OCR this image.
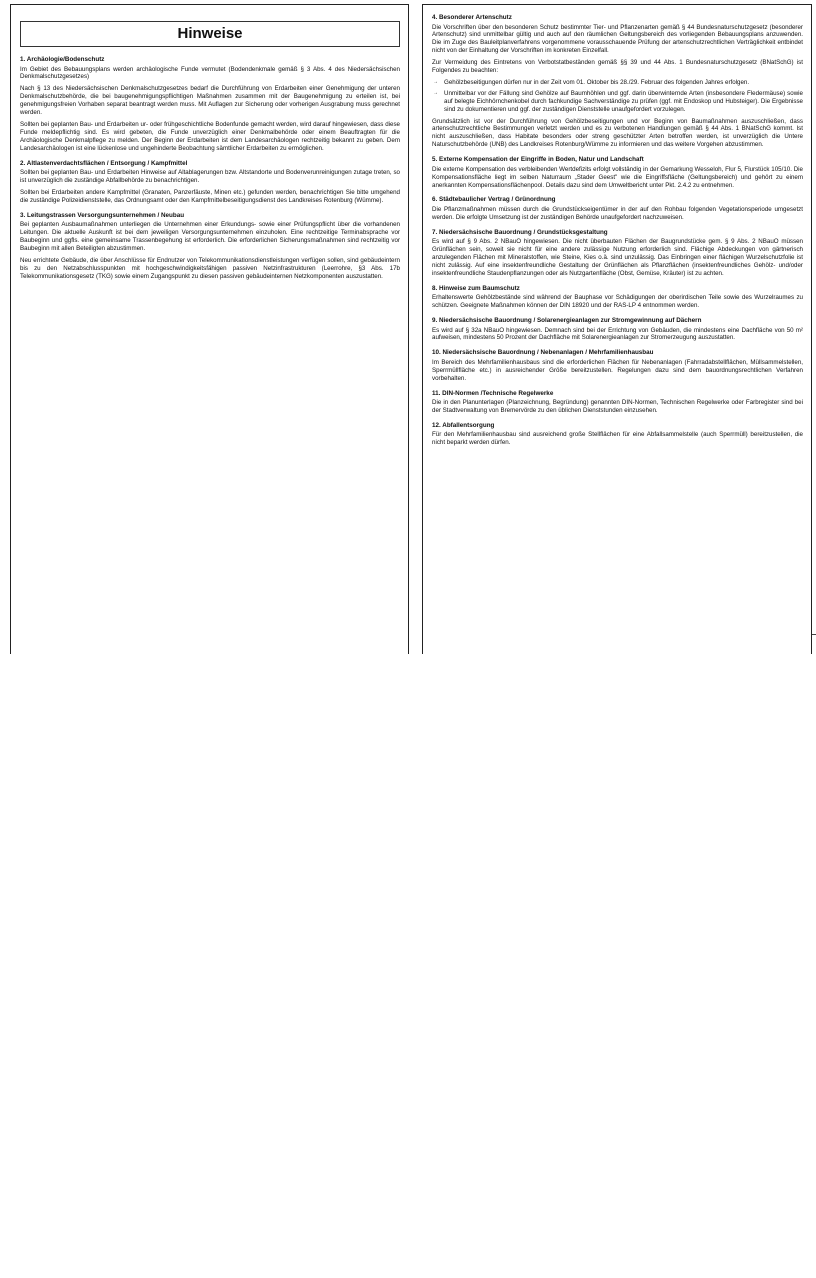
Hinweise
1. Archäologie/Bodenschutz

Im Gebiet des Bebauungsplans werden archäologische Funde vermutet (Bodendenkmale gemäß § 3 Abs. 4 des Niedersächsischen Denkmalschutzgesetzes)

Nach § 13 des Niedersächsischen Denkmalschutzgesetzes bedarf die Durchführung von Erdarbeiten einer Genehmigung der unteren Denkmalschutzbehörde, die bei baugenehmigungspflichtigen Maßnahmen zusammen mit der Baugenehmigung zu erteilen ist, bei genehmigungsfreien Vorhaben separat beantragt werden muss. Mit Auflagen zur Sicherung oder vorherigen Ausgrabung muss gerechnet werden.

Sollten bei geplanten Bau- und Erdarbeiten ur- oder frühgeschichtliche Bodenfunde gemacht werden, wird darauf hingewiesen, dass diese Funde meldepflichtig sind. Es wird gebeten, die Funde unverzüglich einer Denkmalbehörde oder einem Beauftragten für die Archäologische Denkmalpflege zu melden. Der Beginn der Erdarbeiten ist dem Landesarchäologen rechtzeitig bekannt zu geben. Dem Landesarchäologen ist eine lückenlose und ungehinderte Beobachtung sämtlicher Erdarbeiten zu ermöglichen.

2. Altlastenverdachtsflächen / Entsorgung / Kampfmittel

Sollten bei geplanten Bau- und Erdarbeiten Hinweise auf Altablagerungen bzw. Altstandorte und Bodenverunreinigungen zutage treten, so ist unverzüglich die zuständige Abfallbehörde zu benachrichtigen.

Sollten bei Erdarbeiten andere Kampfmittel (Granaten, Panzerfäuste, Minen etc.) gefunden werden, benachrichtigen Sie bitte umgehend die zuständige Polizeidienststelle, das Ordnungsamt oder den Kampfmittelbeseitigungsdienst des Landkreises Rotenburg (Wümme).

3. Leitungstrassen Versorgungsunternehmen / Neubau

Bei geplanten Ausbaumaßnahmen unterliegen die Unternehmen einer Erkundungs- sowie einer Prüfungspflicht über die vorhandenen Leitungen. Die aktuelle Auskunft ist bei dem jeweiligen Versorgungsunternehmen einzuholen. Eine rechtzeitige Terminabsprache vor Baubeginn und ggfls. eine gemeinsame Trassenbegehung ist erforderlich. Die erforderlichen Sicherungsmaßnahmen sind rechtzeitig vor Baubeginn mit allen Beteiligten abzustimmen.

Neu errichtete Gebäude, die über Anschlüsse für Endnutzer von Telekommunikationsdienstleistungen verfügen sollen, sind gebäudeintern bis zu den Netzabschlusspunkten mit hochgeschwindigkeitsfähigen passiven Netzinfrastrukturen (Leerrohre, §3 Abs. 17b Telekommunikationsgesetz (TKG) sowie einem Zugangspunkt zu diesen passiven gebäudeinternen Netzkomponenten auszustatten.

4. Besonderer Artenschutz

Die Vorschriften über den besonderen Schutz bestimmter Tier- und Pflanzenarten gemäß § 44 Bundesnaturschutzgesetz (besonderer Artenschutz) sind unmittelbar gültig und auch auf den räumlichen Geltungsbereich des vorliegenden Bebauungsplans anzuwenden. Die im Zuge des Bauleitplanverfahrens vorgenommene vorausschauende Prüfung der artenschutzrechtlichen Verträglichkeit entbindet nicht von der Einhaltung der Vorschriften im konkreten Einzelfall.

Zur Vermeidung des Eintretens von Verbotstatbeständen gemäß §§ 39 und 44 Abs. 1 Bundesnaturschutzgesetz (BNatSchG) ist Folgendes zu beachten:

→ Gehölzbeseitigungen dürfen nur in der Zeit vom 01. Oktober bis 28./29. Februar des folgenden Jahres erfolgen.
→ Unmittelbar vor der Fällung sind Gehölze auf Baumhöhlen und ggf. darin überwinternde Arten (insbesondere Fledermäuse) sowie auf belegte Eichhörnchenkobel durch fachkundige Sachverständige zu prüfen (ggf. mit Endoskop und Hubsteiger). Die Ergebnisse sind zu dokumentieren und ggf. der zuständigen Dienststelle unaufgefordert vorzulegen.

Grundsätzlich ist vor der Durchführung von Gehölzbeseitigungen und vor Beginn von Baumaßnahmen auszuschließen, dass artenschutzrechtliche Bestimmungen verletzt werden und es zu verbotenen Handlungen gemäß § 44 Abs. 1 BNatSchG kommt. Ist nicht auszuschließen, dass Habitate besonders oder streng geschützter Arten betroffen werden, ist unverzüglich die Untere Naturschutzbehörde (UNB) des Landkreises Rotenburg/Wümme zu informieren und das weitere Vorgehen abzustimmen.

5. Externe Kompensation der Eingriffe in Boden, Natur und Landschaft

Die externe Kompensation des verbleibenden Wertdefizits erfolgt vollständig in der Gemarkung Wesseloh, Flur 5, Flurstück 105/10. Die Kompensationsfläche liegt im selben Naturraum „Stader Geest" wie die Eingriffsfläche (Geltungsbereich) und gehört zu einem anerkannten Kompensationsflächenpool. Details dazu sind dem Umweltbericht unter Pkt. 2.4.2 zu entnehmen.

6. Städtebaulicher Vertrag / Grünordnung

Die Pflanzmaßnahmen müssen durch die Grundstückseigentümer in der auf den Rohbau folgenden Vegetationsperiode umgesetzt werden. Die erfolgte Umsetzung ist der zuständigen Behörde unaufgefordert nachzuweisen.

7. Niedersächsische Bauordnung / Grundstücksgestaltung

Es wird auf § 9 Abs. 2 NBauO hingewiesen. Die nicht überbauten Flächen der Baugrundstücke gem. § 9 Abs. 2 NBauO müssen Grünflächen sein, soweit sie nicht für eine andere zulässige Nutzung erforderlich sind. Flächige Abdeckungen von gärtnerisch anzulegenden Flächen mit Mineralstoffen, wie Steine, Kies o.ä. sind unzulässig. Das Einbringen einer flächigen Wurzelschutzfolie ist nicht zulässig. Auf eine insektenfreundliche Gestaltung der Grünflächen als Pflanzflächen (insektenfreundliches Gehölz- und/oder insektenfreundliche Staudenpflanzungen oder als Nutzgartenfläche (Obst, Gemüse, Kräuter) ist zu achten.

8. Hinweise zum Baumschutz

Erhaltenswerte Gehölzbestände sind während der Bauphase vor Schädigungen der oberirdischen Teile sowie des Wurzelraumes zu schützen. Geeignete Maßnahmen können der DIN 18920 und der RAS-LP 4 entnommen werden.

9. Niedersächsische Bauordnung / Solarenergieanlagen zur Stromgewinnung auf Dächern

Es wird auf § 32a NBauO hingewiesen. Demnach sind bei der Errichtung von Gebäuden, die mindestens eine Dachfläche von 50 m² aufweisen, mindestens 50 Prozent der Dachfläche mit Solarenergieanlagen zur Stromerzeugung auszustatten.

10. Niedersächsische Bauordnung / Nebenanlagen / Mehrfamilienhausbau

Im Bereich des Mehrfamilienhausbaus sind die erforderlichen Flächen für Nebenanlagen (Fahrradabstellflächen, Müllsammelstellen, Sperrmüllfläche etc.) in ausreichender Größe bereitzustellen. Regelungen dazu sind dem bauordnungsrechtlichen Verfahren vorbehalten.

11. DIN-Normen /Technische Regelwerke

Die in den Planunterlagen (Planzeichnung, Begründung) genannten DIN-Normen, Technischen Regelwerke oder Farbregister sind bei der Stadtverwaltung von Bremervörde zu den üblichen Dienststunden einzusehen.

12. Abfallentsorgung

Für den Mehrfamilienhausbau sind ausreichend große Stellflächen für eine Abfallsammelstelle (auch Sperrmüll) bereitzustellen, die nicht beparkt werden dürfen.
